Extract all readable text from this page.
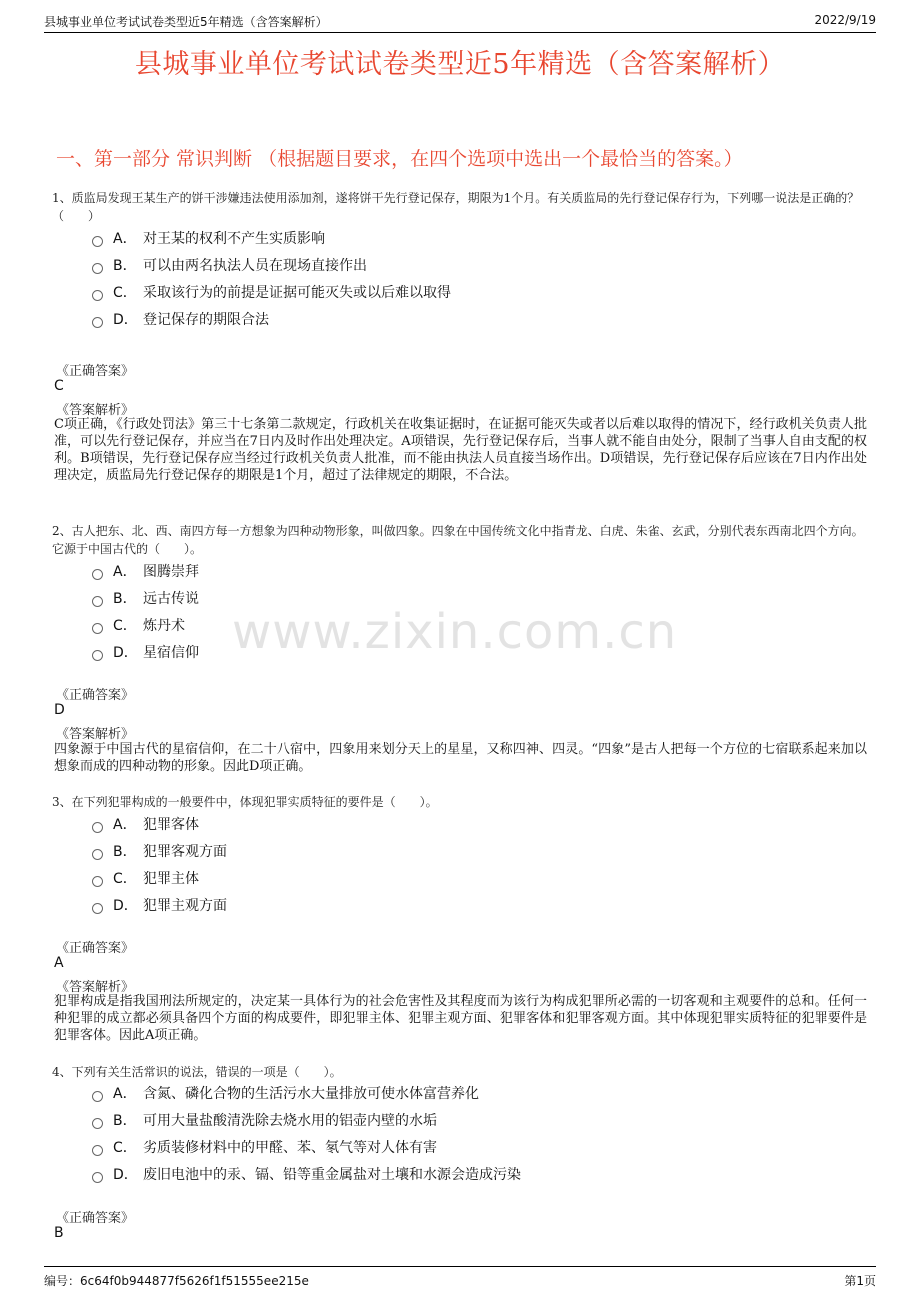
县城事业单位考试试卷类型近5年精选（含答案解析）	2022/9/19
县城事业单位考试试卷类型近5年精选（含答案解析）
一、第一部分 常识判断 （根据题目要求，在四个选项中选出一个最恰当的答案。）
www.zixin.com.cn
1、质监局发现王某生产的饼干涉嫌违法使用添加剂，遂将饼干先行登记保存，期限为1个月。有关质监局的先行登记保存行为，下列哪一说法是正确的？（　　）
A． 对王某的权利不产生实质影响
B． 可以由两名执法人员在现场直接作出
C． 采取该行为的前提是证据可能灭失或以后难以取得
D． 登记保存的期限合法
《正确答案》
C
《答案解析》
C项正确，《行政处罚法》第三十七条第二款规定，行政机关在收集证据时，在证据可能灭失或者以后难以取得的情况下，经行政机关负责人批准，可以先行登记保存，并应当在7日内及时作出处理决定。A项错误，先行登记保存后，当事人就不能自由处分，限制了当事人自由支配的权利。B项错误，先行登记保存应当经过行政机关负责人批准，而不能由执法人员直接当场作出。D项错误，先行登记保存后应该在7日内作出处理决定，质监局先行登记保存的期限是1个月，超过了法律规定的期限，不合法。
2、古人把东、北、西、南四方每一方想象为四种动物形象，叫做四象。四象在中国传统文化中指青龙、白虎、朱雀、玄武，分别代表东西南北四个方向。它源于中国古代的（　　）。
A． 图腾崇拜
B． 远古传说
C． 炼丹术
D． 星宿信仰
《正确答案》
D
《答案解析》
四象源于中国古代的星宿信仰，在二十八宿中，四象用来划分天上的星星，又称四神、四灵。“四象”是古人把每一个方位的七宿联系起来加以想象而成的四种动物的形象。因此D项正确。
3、在下列犯罪构成的一般要件中，体现犯罪实质特征的要件是（　　）。
A． 犯罪客体
B． 犯罪客观方面
C． 犯罪主体
D． 犯罪主观方面
《正确答案》
A
《答案解析》
犯罪构成是指我国刑法所规定的，决定某一具体行为的社会危害性及其程度而为该行为构成犯罪所必需的一切客观和主观要件的总和。任何一种犯罪的成立都必须具备四个方面的构成要件，即犯罪主体、犯罪主观方面、犯罪客体和犯罪客观方面。其中体现犯罪实质特征的犯罪要件是犯罪客体。因此A项正确。
4、下列有关生活常识的说法，错误的一项是（　　）。
A． 含氮、磷化合物的生活污水大量排放可使水体富营养化
B． 可用大量盐酸清洗除去烧水用的铝壶内壁的水垢
C． 劣质装修材料中的甲醛、苯、氡气等对人体有害
D． 废旧电池中的汞、镉、铅等重金属盐对土壤和水源会造成污染
《正确答案》
B
编号：6c64f0b944877f5626f1f51555ee215e	第1页
